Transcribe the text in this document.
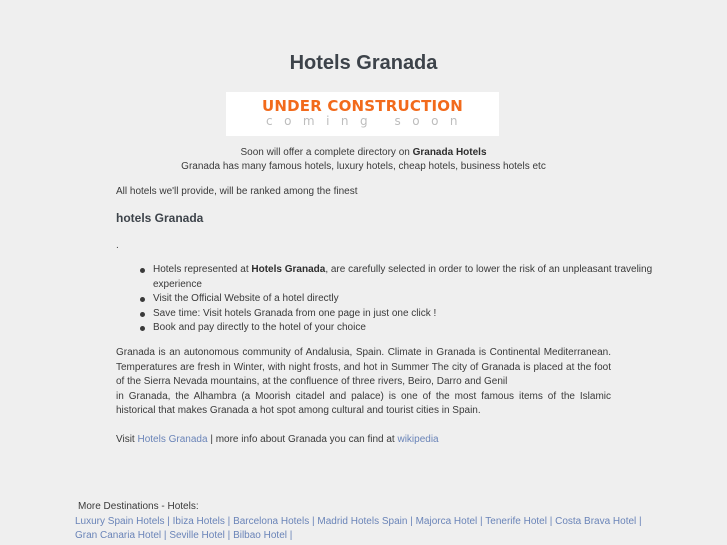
Hotels Granada
UNDER CONSTRUCTION
coming soon
Soon will offer a complete directory on Granada Hotels
Granada has many famous hotels, luxury hotels, cheap hotels, business hotels etc
All hotels we'll provide, will be ranked among the finest
hotels Granada
.
Hotels represented at Hotels Granada, are carefully selected in order to lower the risk of an unpleasant traveling experience
Visit the Official Website of a hotel directly
Save time: Visit hotels Granada from one page in just one click !
Book and pay directly to the hotel of your choice
Granada is an autonomous community of Andalusia, Spain. Climate in Granada is Continental Mediterranean. Temperatures are fresh in Winter, with night frosts, and hot in Summer The city of Granada is placed at the foot of the Sierra Nevada mountains, at the confluence of three rivers, Beiro, Darro and Genil
in Granada, the Alhambra (a Moorish citadel and palace) is one of the most famous items of the Islamic historical that makes Granada a hot spot among cultural and tourist cities in Spain.
Visit Hotels Granada | more info about Granada you can find at wikipedia
More Destinations - Hotels:
Luxury Spain Hotels | Ibiza Hotels | Barcelona Hotels | Madrid Hotels Spain | Majorca Hotel | Tenerife Hotel | Costa Brava Hotel |
Gran Canaria Hotel | Seville Hotel | Bilbao Hotel |
